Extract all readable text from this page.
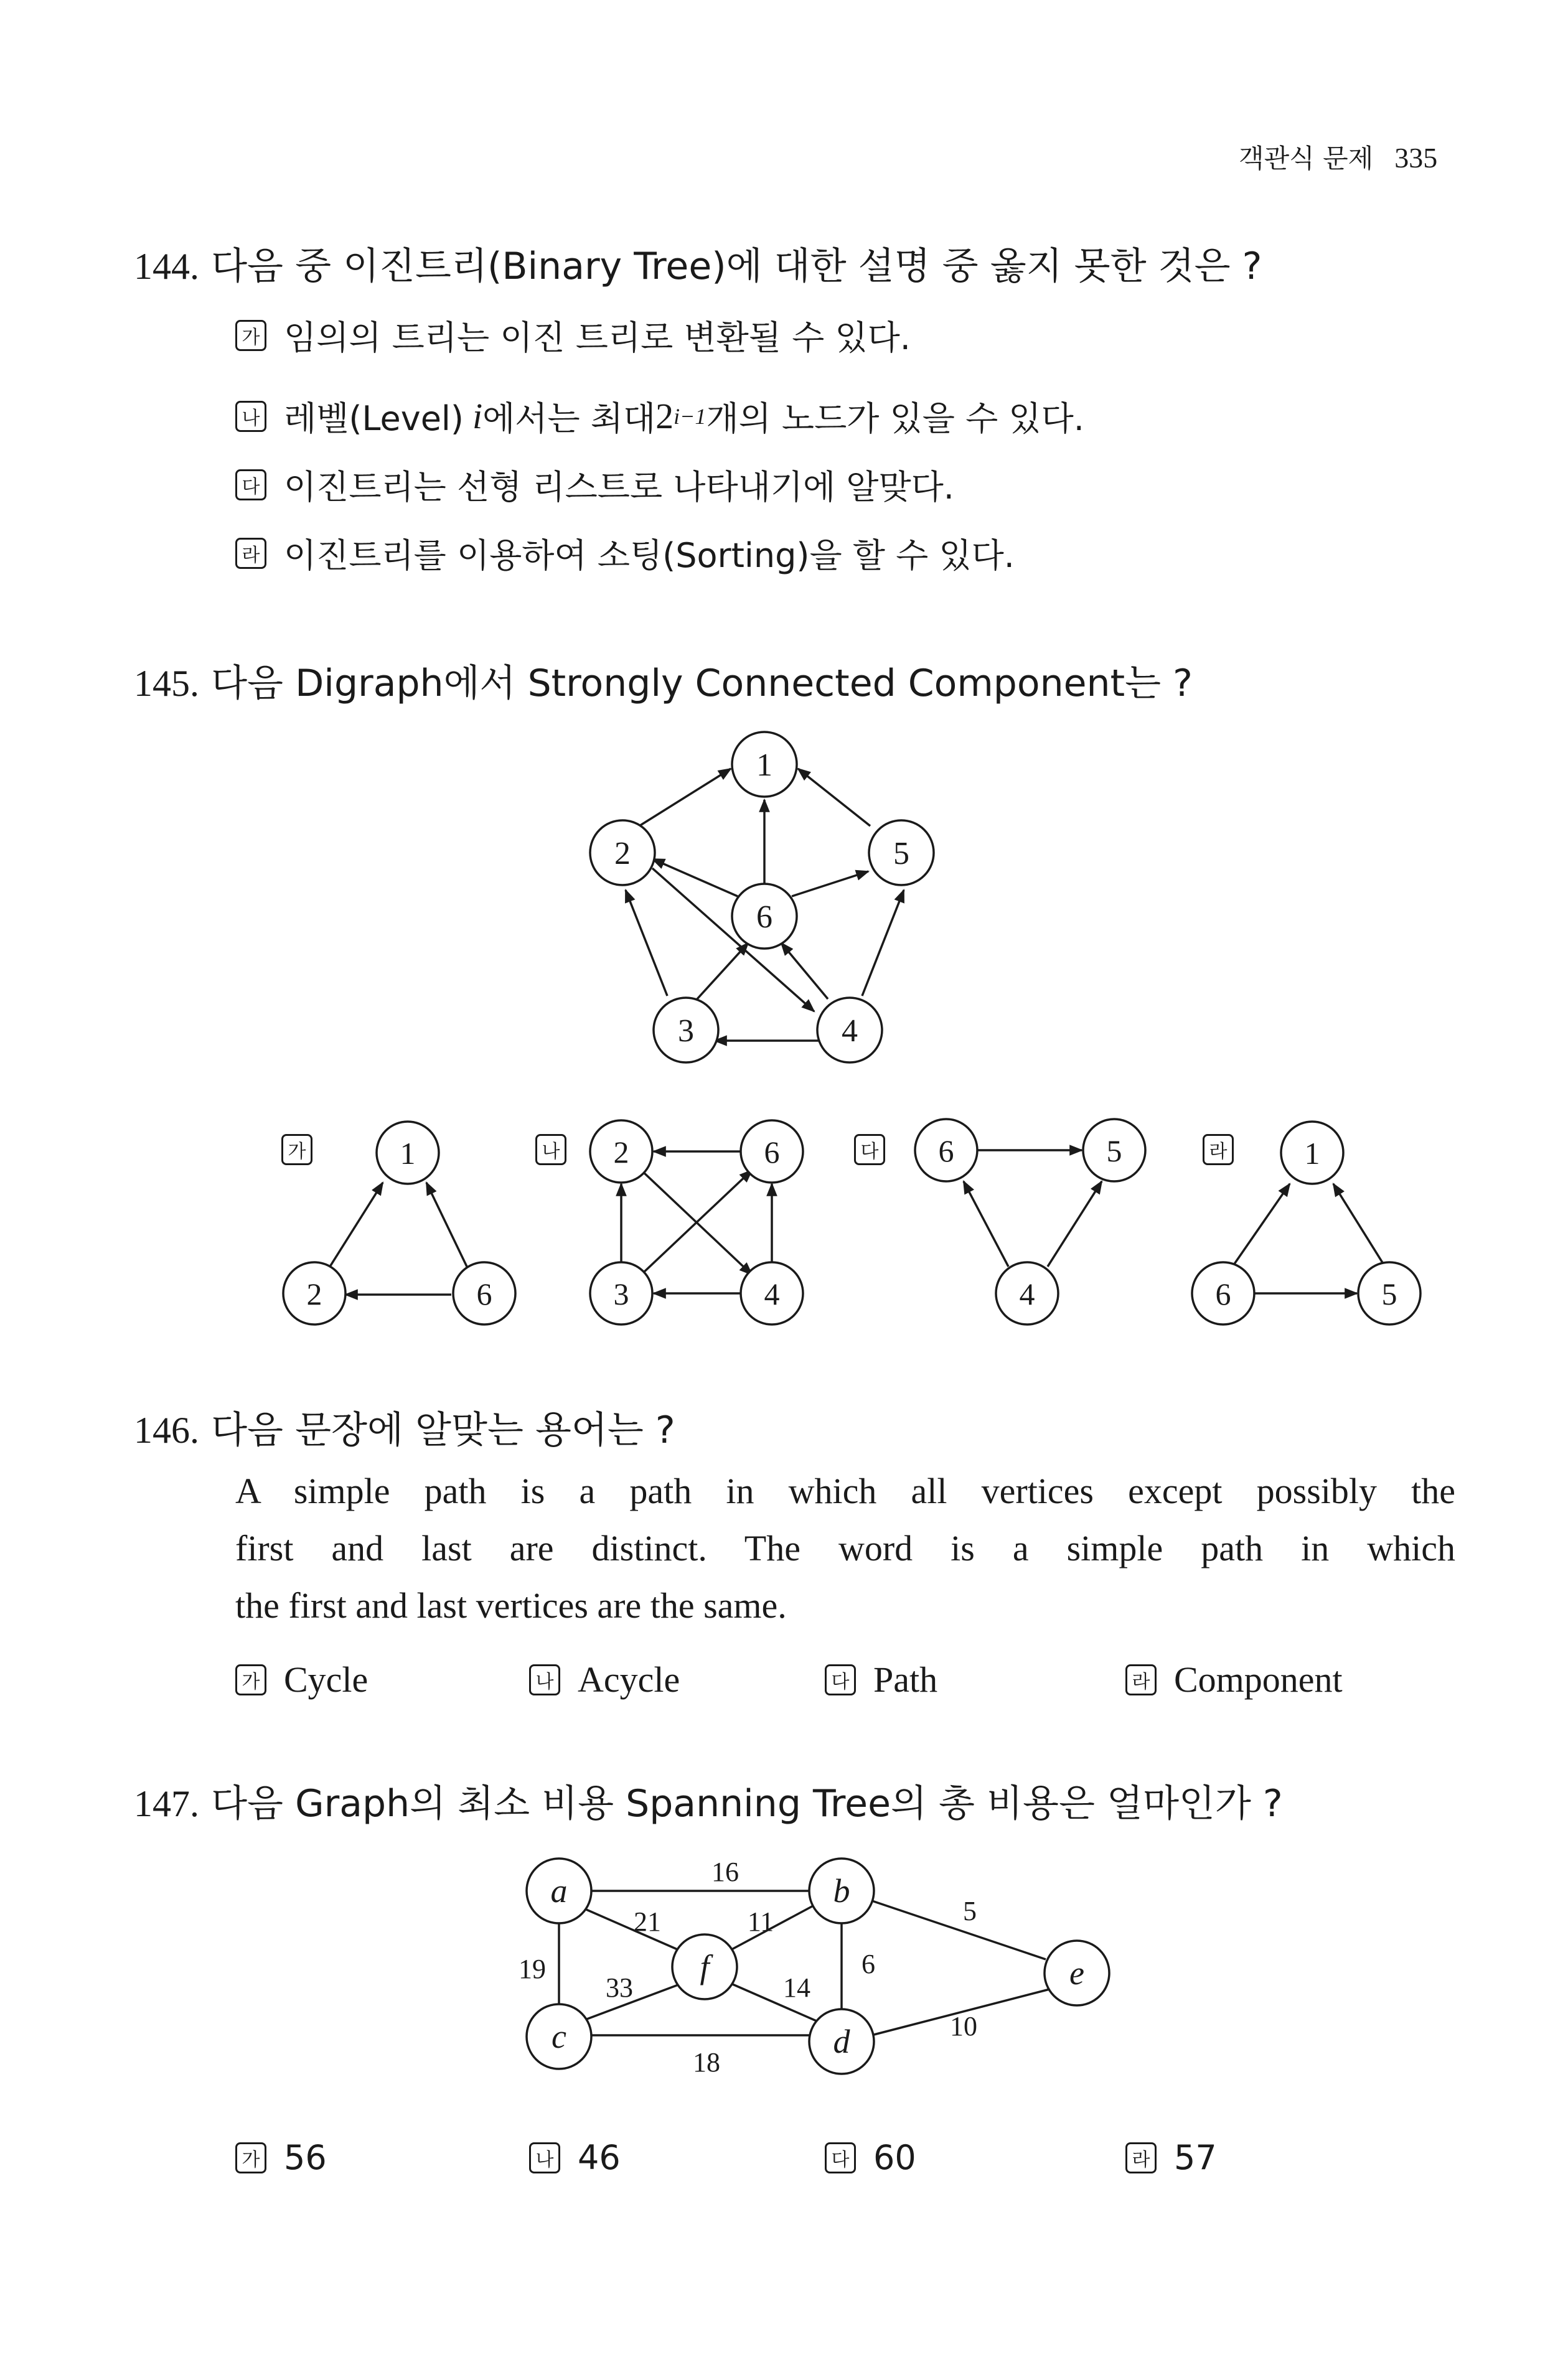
객관식 문제 335
144. 다음 중 이진트리(Binary Tree)에 대한 설명 중 옳지 못한 것은 ?
가 임의의 트리는 이진 트리로 변환될 수 있다.
나 레벨(Level) i 에서는 최대 2 i−1 개의 노드가 있을 수 있다.
다 이진트리는 선형 리스트로 나타내기에 알맞다.
라 이진트리를 이용하여 소팅(Sorting)을 할 수 있다.
145. 다음 Digraph에서 Strongly Connected Component는 ?
1
2	5
6
3	4
1
2	6
2	6
3	4
6	5
4
1
6	5
a	b
c	d
e
f
16
21	11	5
19
33	14
6
10
18
가	나	다	라
146. 다음 문장에 알맞는 용어는 ?
A simple path is a path in which all vertices except possibly the
first and last are distinct. The word is a simple path in which
the first and last vertices are the same.
가 Cycle	나 Acycle	다 Path	라 Component
147. 다음 Graph의 최소 비용 Spanning Tree의 총 비용은 얼마인가 ?
가 56	나 46	다 60	라 57
